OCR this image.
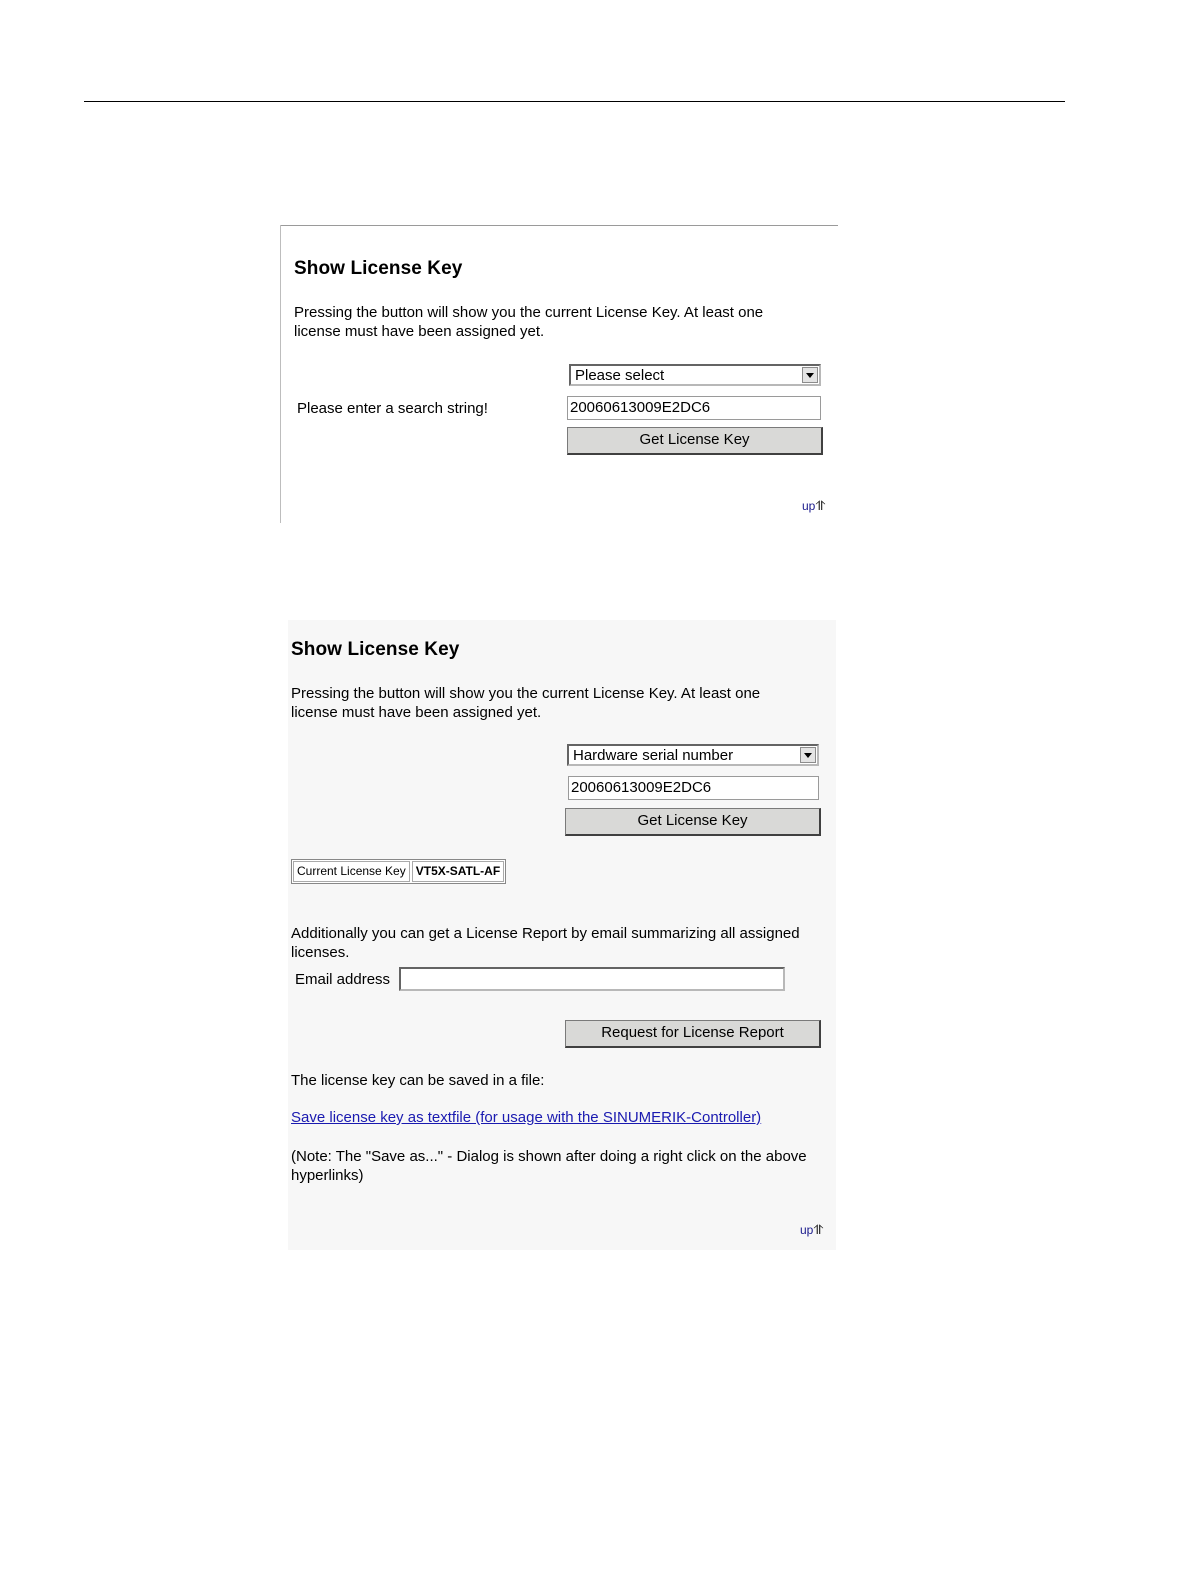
Show License Key
Pressing the button will show you the current License Key. At least one license must have been assigned yet.
Please select
Please enter a search string!	20060613009E2DC6
Get License Key
up⥣
Show License Key
Pressing the button will show you the current License Key. At least one license must have been assigned yet.
Hardware serial number
20060613009E2DC6
Get License Key
Current License Key VT5X-SATL-AF
Additionally you can get a License Report by email summarizing all assigned licenses.
Email address
Request for License Report
The license key can be saved in a file:
Save license key as textfile (for usage with the SINUMERIK-Controller)
(Note: The "Save as..." - Dialog is shown after doing a right click on the above hyperlinks)
up⥣
